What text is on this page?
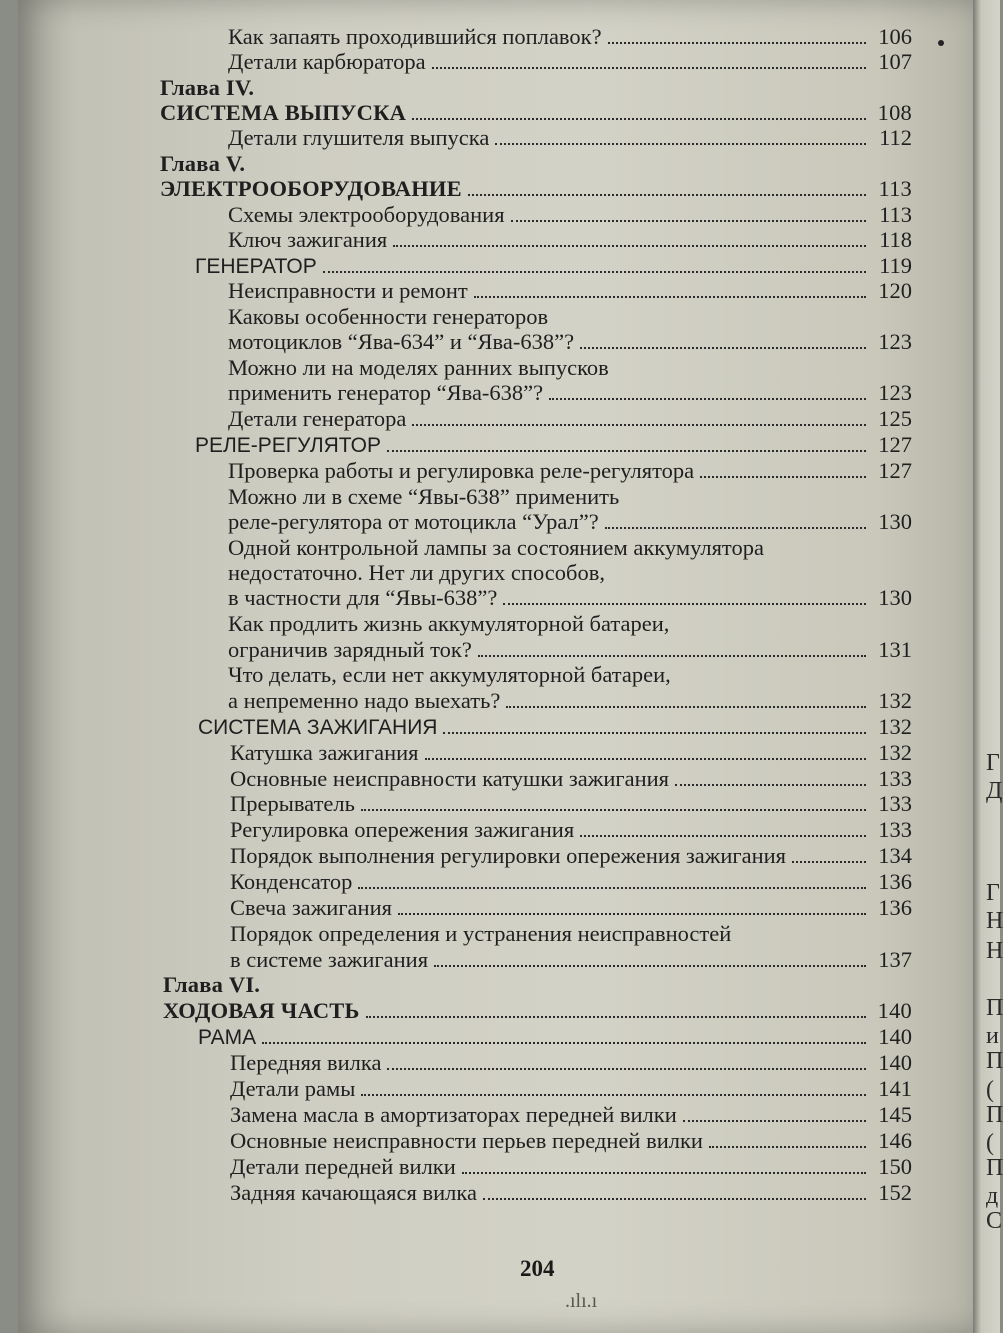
Как запаять проходившийся поплавок?	106
Детали карбюратора	107
Глава IV.
СИСТЕМА ВЫПУСКА	108
Детали глушителя выпуска	112
Глава V.
ЭЛЕКТРООБОРУДОВАНИЕ	113
Схемы электрооборудования	113
Ключ зажигания	118
ГЕНЕРАТОР	119
Неисправности и ремонт	120
Каковы особенности генераторов
мотоциклов “Ява-634” и “Ява-638”?	123
Можно ли на моделях ранних выпусков
применить генератор “Ява-638”?	123
Детали генератора	125
РЕЛЕ-РЕГУЛЯТОР	127
Проверка работы и регулировка реле-регулятора	127
Можно ли в схеме “Явы-638” применить
реле-регулятора от мотоцикла “Урал”?	130
Одной контрольной лампы за состоянием аккумулятора
недостаточно. Нет ли других способов,
в частности для “Явы-638”?	130
Как продлить жизнь аккумуляторной батареи,
ограничив зарядный ток?	131
Что делать, если нет аккумуляторной батареи,
а непременно надо выехать?	132
СИСТЕМА ЗАЖИГАНИЯ	132
Катушка зажигания	132
Основные неисправности катушки зажигания	133
Прерыватель	133
Регулировка опережения зажигания	133
Порядок выполнения регулировки опережения зажигания	134
Конденсатор	136
Свеча зажигания	136
Порядок определения и устранения неисправностей
в системе зажигания	137
Глава VI.
ХОДОВАЯ ЧАСТЬ	140
РАМА	140
Передняя вилка	140
Детали рамы	141
Замена масла в амортизаторах передней вилки	145
Основные неисправности перьев передней вилки	146
Детали передней вилки	150
Задняя качающаяся вилка	152
Г
Д
Г
Н
Н
П
и
П
(
П
(
П
д
С
204
.ılı.ı
